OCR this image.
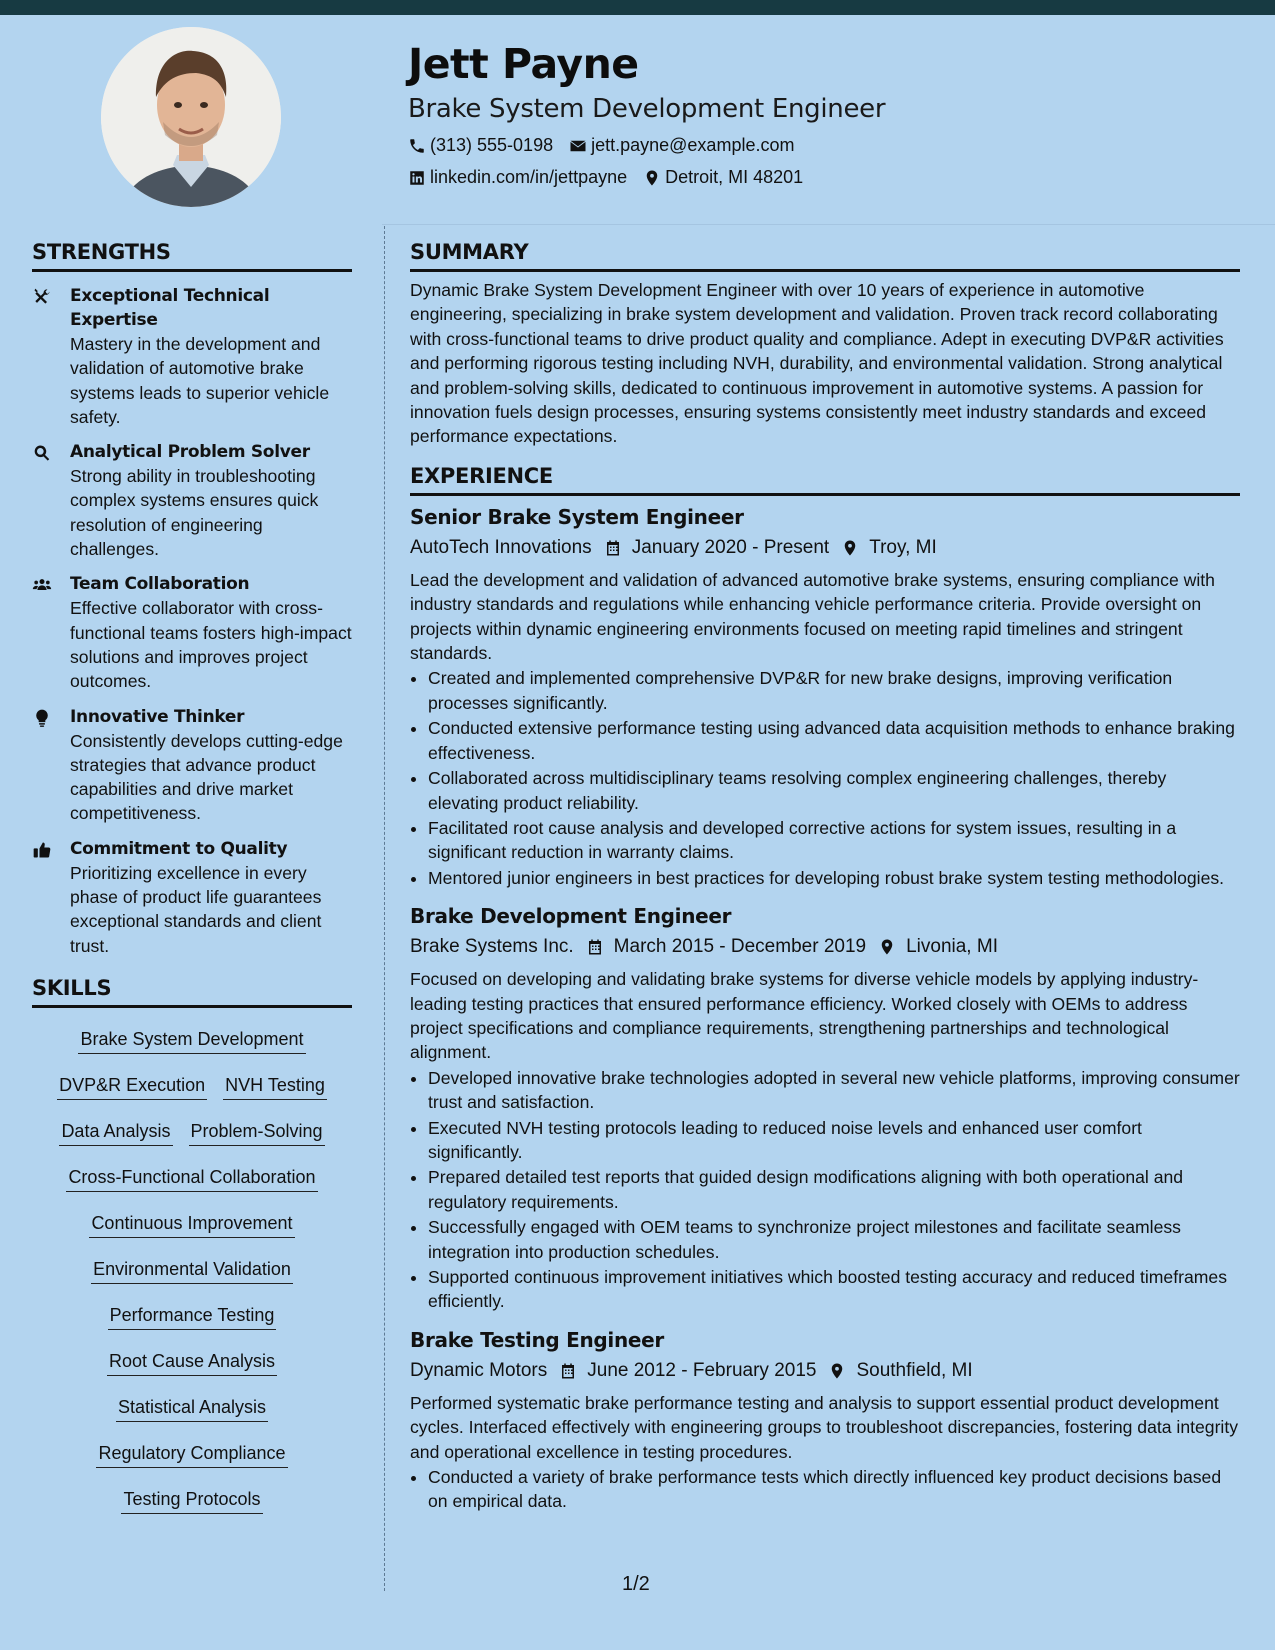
Jett Payne
Brake System Development Engineer
(313) 555-0198 jett.payne@example.com
linkedin.com/in/jettpayne Detroit, MI 48201
STRENGTHS
Exceptional Technical Expertise
Mastery in the development and validation of automotive brake systems leads to superior vehicle safety.
Analytical Problem Solver
Strong ability in troubleshooting complex systems ensures quick resolution of engineering challenges.
Team Collaboration
Effective collaborator with cross-functional teams fosters high-impact solutions and improves project outcomes.
Innovative Thinker
Consistently develops cutting-edge strategies that advance product capabilities and drive market competitiveness.
Commitment to Quality
Prioritizing excellence in every phase of product life guarantees exceptional standards and client trust.
SKILLS
Brake System Development
DVP&R Execution NVH Testing
Data Analysis Problem-Solving
Cross-Functional Collaboration
Continuous Improvement
Environmental Validation
Performance Testing
Root Cause Analysis
Statistical Analysis
Regulatory Compliance
Testing Protocols
SUMMARY
Dynamic Brake System Development Engineer with over 10 years of experience in automotive engineering, specializing in brake system development and validation. Proven track record collaborating with cross-functional teams to drive product quality and compliance. Adept in executing DVP&R activities and performing rigorous testing including NVH, durability, and environmental validation. Strong analytical and problem-solving skills, dedicated to continuous improvement in automotive systems. A passion for innovation fuels design processes, ensuring systems consistently meet industry standards and exceed performance expectations.
EXPERIENCE
Senior Brake System Engineer
AutoTech Innovations January 2020 - Present Troy, MI
Lead the development and validation of advanced automotive brake systems, ensuring compliance with industry standards and regulations while enhancing vehicle performance criteria. Provide oversight on projects within dynamic engineering environments focused on meeting rapid timelines and stringent standards.
• Created and implemented comprehensive DVP&R for new brake designs, improving verification processes significantly.
• Conducted extensive performance testing using advanced data acquisition methods to enhance braking effectiveness.
• Collaborated across multidisciplinary teams resolving complex engineering challenges, thereby elevating product reliability.
• Facilitated root cause analysis and developed corrective actions for system issues, resulting in a significant reduction in warranty claims.
• Mentored junior engineers in best practices for developing robust brake system testing methodologies.
Brake Development Engineer
Brake Systems Inc. March 2015 - December 2019 Livonia, MI
Focused on developing and validating brake systems for diverse vehicle models by applying industry-leading testing practices that ensured performance efficiency. Worked closely with OEMs to address project specifications and compliance requirements, strengthening partnerships and technological alignment.
• Developed innovative brake technologies adopted in several new vehicle platforms, improving consumer trust and satisfaction.
• Executed NVH testing protocols leading to reduced noise levels and enhanced user comfort significantly.
• Prepared detailed test reports that guided design modifications aligning with both operational and regulatory requirements.
• Successfully engaged with OEM teams to synchronize project milestones and facilitate seamless integration into production schedules.
• Supported continuous improvement initiatives which boosted testing accuracy and reduced timeframes efficiently.
Brake Testing Engineer
Dynamic Motors June 2012 - February 2015 Southfield, MI
Performed systematic brake performance testing and analysis to support essential product development cycles. Interfaced effectively with engineering groups to troubleshoot discrepancies, fostering data integrity and operational excellence in testing procedures.
• Conducted a variety of brake performance tests which directly influenced key product decisions based on empirical data.
1/2
